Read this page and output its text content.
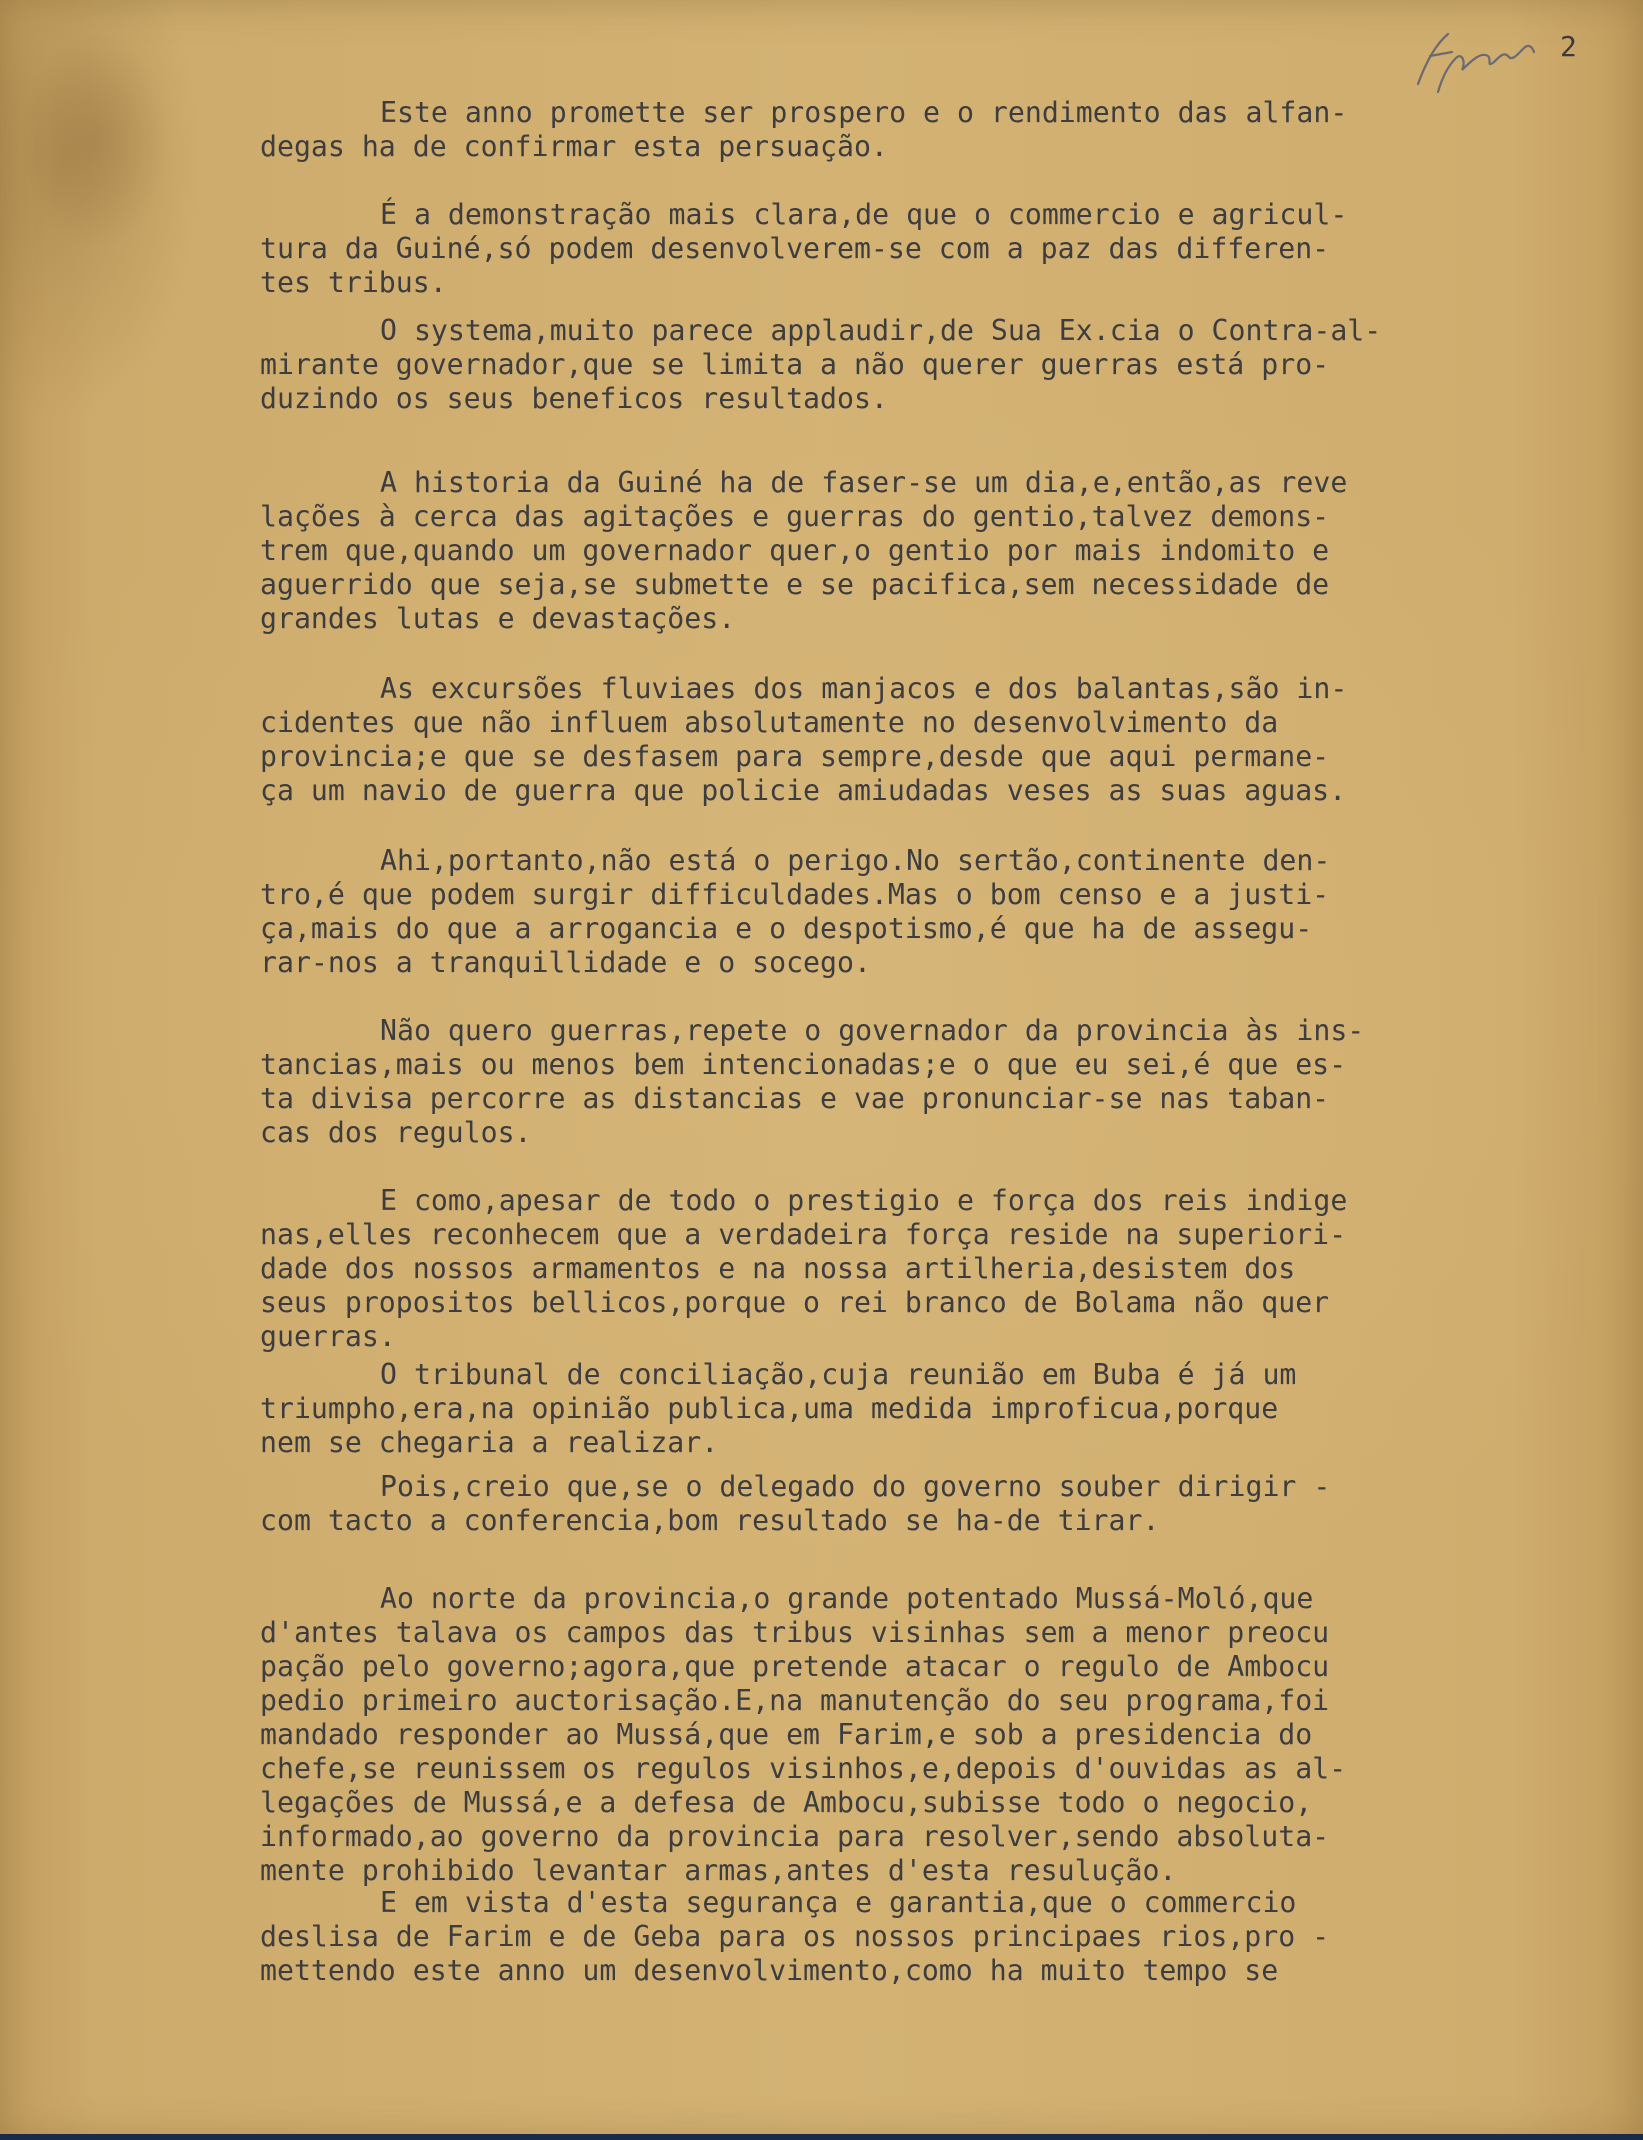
2
Este anno promette ser prospero e o rendimento das alfan-
degas ha de confirmar esta persuação.
É a demonstração mais clara,de que o commercio e agricul-
tura da Guiné,só podem desenvolverem-se com a paz das differen-
tes tribus.
O systema,muito parece applaudir,de Sua Ex.cia o Contra-al-
mirante governador,que se limita a não querer guerras está pro-
duzindo os seus beneficos resultados.
A historia da Guiné ha de faser-se um dia,e,então,as reve
lações à cerca das agitações e guerras do gentio,talvez demons-
trem que,quando um governador quer,o gentio por mais indomito e
aguerrido que seja,se submette e se pacifica,sem necessidade de
grandes lutas e devastações.
As excursões fluviaes dos manjacos e dos balantas,são in-
cidentes que não influem absolutamente no desenvolvimento da
provincia;e que se desfasem para sempre,desde que aqui permane-
ça um navio de guerra que policie amiudadas veses as suas aguas.
Ahi,portanto,não está o perigo.No sertão,continente den-
tro,é que podem surgir difficuldades.Mas o bom censo e a justi-
ça,mais do que a arrogancia e o despotismo,é que ha de assegu-
rar-nos a tranquillidade e o socego.
Não quero guerras,repete o governador da provincia às ins-
tancias,mais ou menos bem intencionadas;e o que eu sei,é que es-
ta divisa percorre as distancias e vae pronunciar-se nas taban-
cas dos regulos.
E como,apesar de todo o prestigio e força dos reis indige
nas,elles reconhecem que a verdadeira força reside na superiori-
dade dos nossos armamentos e na nossa artilheria,desistem dos
seus propositos bellicos,porque o rei branco de Bolama não quer
guerras.
O tribunal de conciliação,cuja reunião em Buba é já um
triumpho,era,na opinião publica,uma medida improficua,porque
nem se chegaria a realizar.
Pois,creio que,se o delegado do governo souber dirigir -
com tacto a conferencia,bom resultado se ha-de tirar.
Ao norte da provincia,o grande potentado Mussá-Moló,que
d'antes talava os campos das tribus visinhas sem a menor preocu
pação pelo governo;agora,que pretende atacar o regulo de Ambocu
pedio primeiro auctorisação.E,na manutenção do seu programa,foi
mandado responder ao Mussá,que em Farim,e sob a presidencia do
chefe,se reunissem os regulos visinhos,e,depois d'ouvidas as al-
legações de Mussá,e a defesa de Ambocu,subisse todo o negocio,
informado,ao governo da provincia para resolver,sendo absoluta-
mente prohibido levantar armas,antes d'esta resulução.
E em vista d'esta segurança e garantia,que o commercio
deslisa de Farim e de Geba para os nossos principaes rios,pro -
mettendo este anno um desenvolvimento,como ha muito tempo se
